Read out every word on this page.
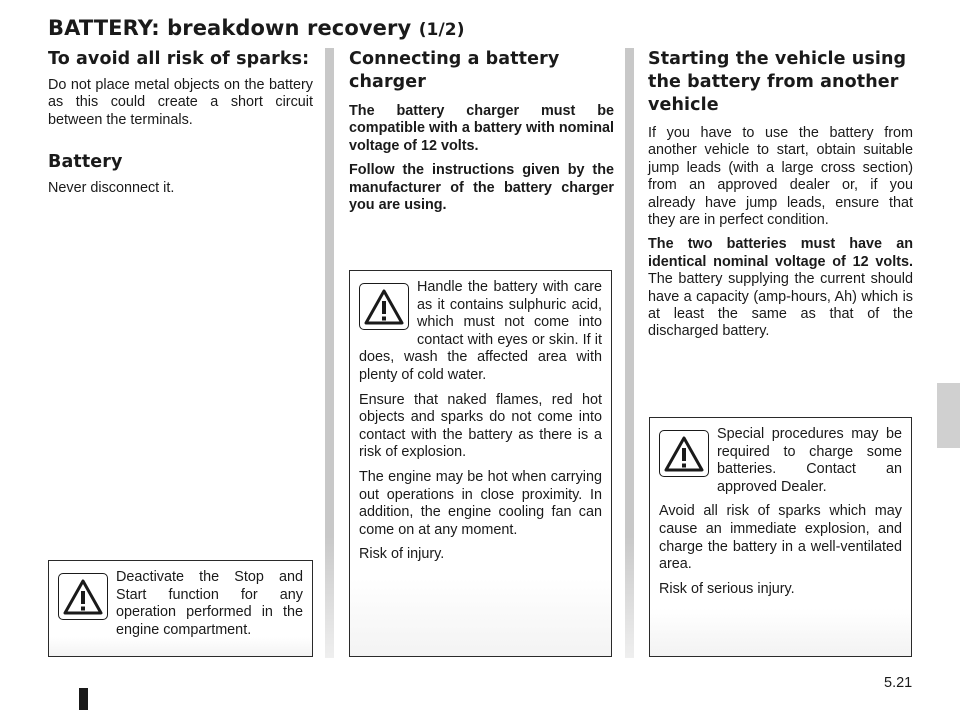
BATTERY: breakdown recovery (1/2)
To avoid all risk of sparks:

Do not place metal objects on the battery as this could create a short circuit between the terminals.

Battery

Never disconnect it.

Deactivate the Stop and Start function for any operation performed in the engine compartment.

Connecting a battery charger

The battery charger must be compatible with a battery with nominal voltage of 12 volts.

Follow the instructions given by the manufacturer of the battery charger you are using.

Handle the battery with care as it contains sulphuric acid, which must not come into contact with eyes or skin. If it does, wash the affected area with plenty of cold water.

Ensure that naked flames, red hot objects and sparks do not come into contact with the battery as there is a risk of explosion.

The engine may be hot when carrying out operations in close proximity. In addition, the engine cooling fan can come on at any moment.

Risk of injury.

Starting the vehicle using the battery from another vehicle

If you have to use the battery from another vehicle to start, obtain suitable jump leads (with a large cross section) from an approved dealer or, if you already have jump leads, ensure that they are in perfect condition.

The two batteries must have an identical nominal voltage of 12 volts. The battery supplying the current should have a capacity (amp-hours, Ah) which is at least the same as that of the discharged battery.

Special procedures may be required to charge some batteries. Contact an approved Dealer.

Avoid all risk of sparks which may cause an immediate explosion, and charge the battery in a well-ventilated area.

Risk of serious injury.

5.21
